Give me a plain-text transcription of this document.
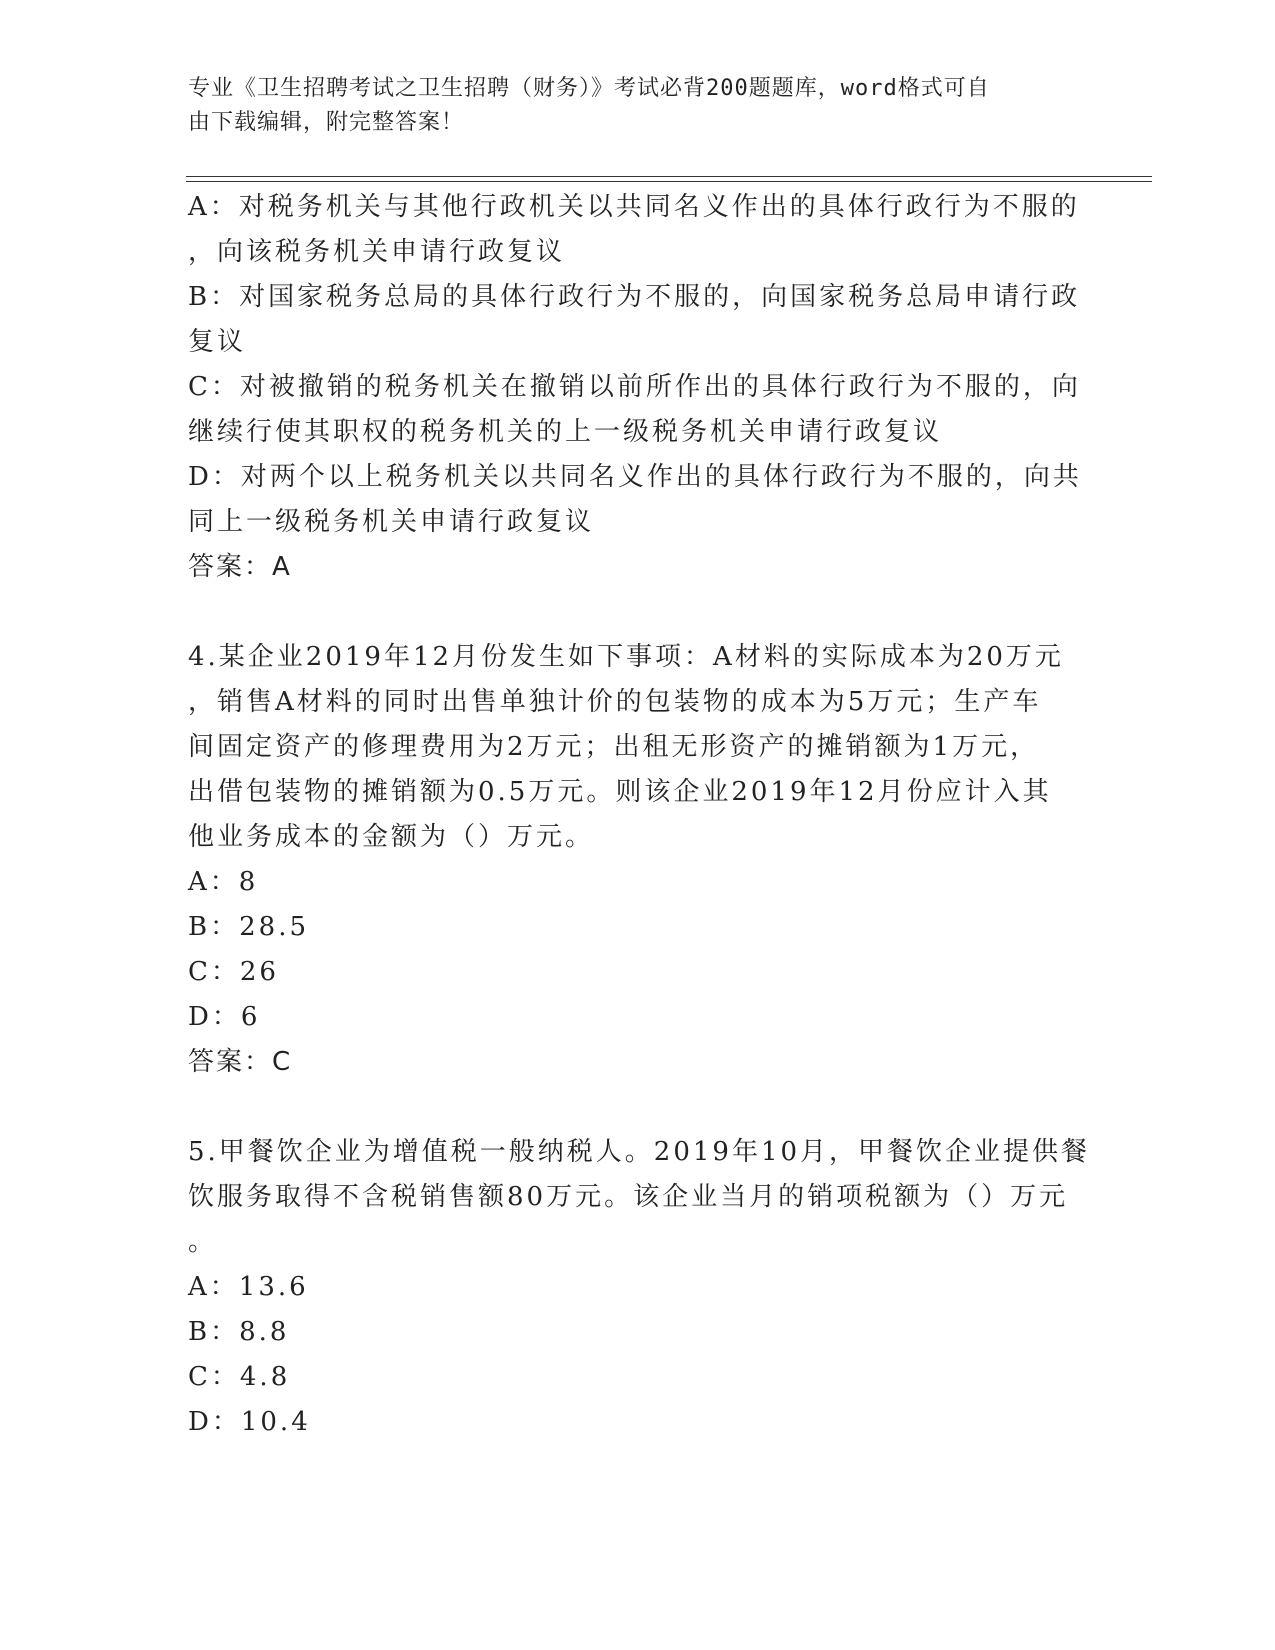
专业《卫生招聘考试之卫生招聘（财务）》考试必背200题题库，word格式可自
由下载编辑，附完整答案！
A：对税务机关与其他行政机关以共同名义作出的具体行政行为不服的
，向该税务机关申请行政复议
B：对国家税务总局的具体行政行为不服的，向国家税务总局申请行政
复议
C：对被撤销的税务机关在撤销以前所作出的具体行政行为不服的，向
继续行使其职权的税务机关的上一级税务机关申请行政复议
D：对两个以上税务机关以共同名义作出的具体行政行为不服的，向共
同上一级税务机关申请行政复议
答案：A
4.某企业2019年12月份发生如下事项：A材料的实际成本为20万元
，销售A材料的同时出售单独计价的包装物的成本为5万元；生产车
间固定资产的修理费用为2万元；出租无形资产的摊销额为1万元，
出借包装物的摊销额为0.5万元。则该企业2019年12月份应计入其
他业务成本的金额为（）万元。
A：8
B：28.5
C：26
D：6
答案：C
5.甲餐饮企业为增值税一般纳税人。2019年10月，甲餐饮企业提供餐
饮服务取得不含税销售额80万元。该企业当月的销项税额为（）万元
。
A：13.6
B：8.8
C：4.8
D：10.4
